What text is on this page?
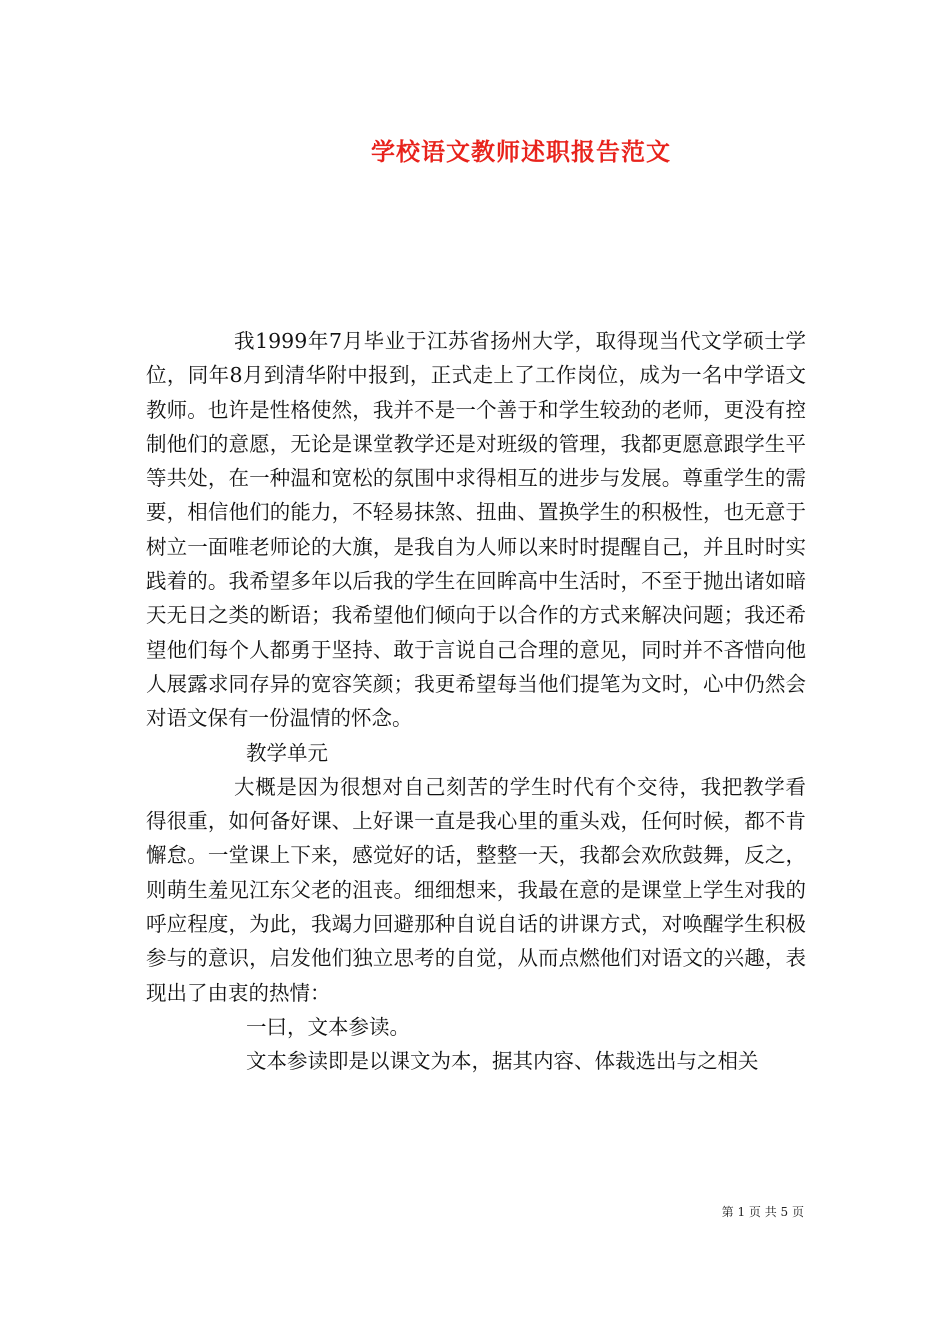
学校语文教师述职报告范文

我1999年7月毕业于江苏省扬州大学，取得现当代文学硕士学位，同年8月到清华附中报到，正式走上了工作岗位，成为一名中学语文教师。也许是性格使然，我并不是一个善于和学生较劲的老师，更没有控制他们的意愿，无论是课堂教学还是对班级的管理，我都更愿意跟学生平等共处，在一种温和宽松的氛围中求得相互的进步与发展。尊重学生的需要，相信他们的能力，不轻易抹煞、扭曲、置换学生的积极性，也无意于树立一面唯老师论的大旗，是我自为人师以来时时提醒自己，并且时时实践着的。我希望多年以后我的学生在回眸高中生活时，不至于抛出诸如暗天无日之类的断语；我希望他们倾向于以合作的方式来解决问题；我还希望他们每个人都勇于坚持、敢于言说自己合理的意见，同时并不吝惜向他人展露求同存异的宽容笑颜；我更希望每当他们提笔为文时，心中仍然会对语文保有一份温情的怀念。

教学单元

大概是因为很想对自己刻苦的学生时代有个交待，我把教学看得很重，如何备好课、上好课一直是我心里的重头戏，任何时候，都不肯懈怠。一堂课上下来，感觉好的话，整整一天，我都会欢欣鼓舞，反之，则萌生羞见江东父老的沮丧。细细想来，我最在意的是课堂上学生对我的呼应程度，为此，我竭力回避那种自说自话的讲课方式，对唤醒学生积极参与的意识，启发他们独立思考的自觉，从而点燃他们对语文的兴趣，表现出了由衷的热情：

一曰，文本参读。

文本参读即是以课文为本，据其内容、体裁选出与之相关

第 1 页 共 5 页
